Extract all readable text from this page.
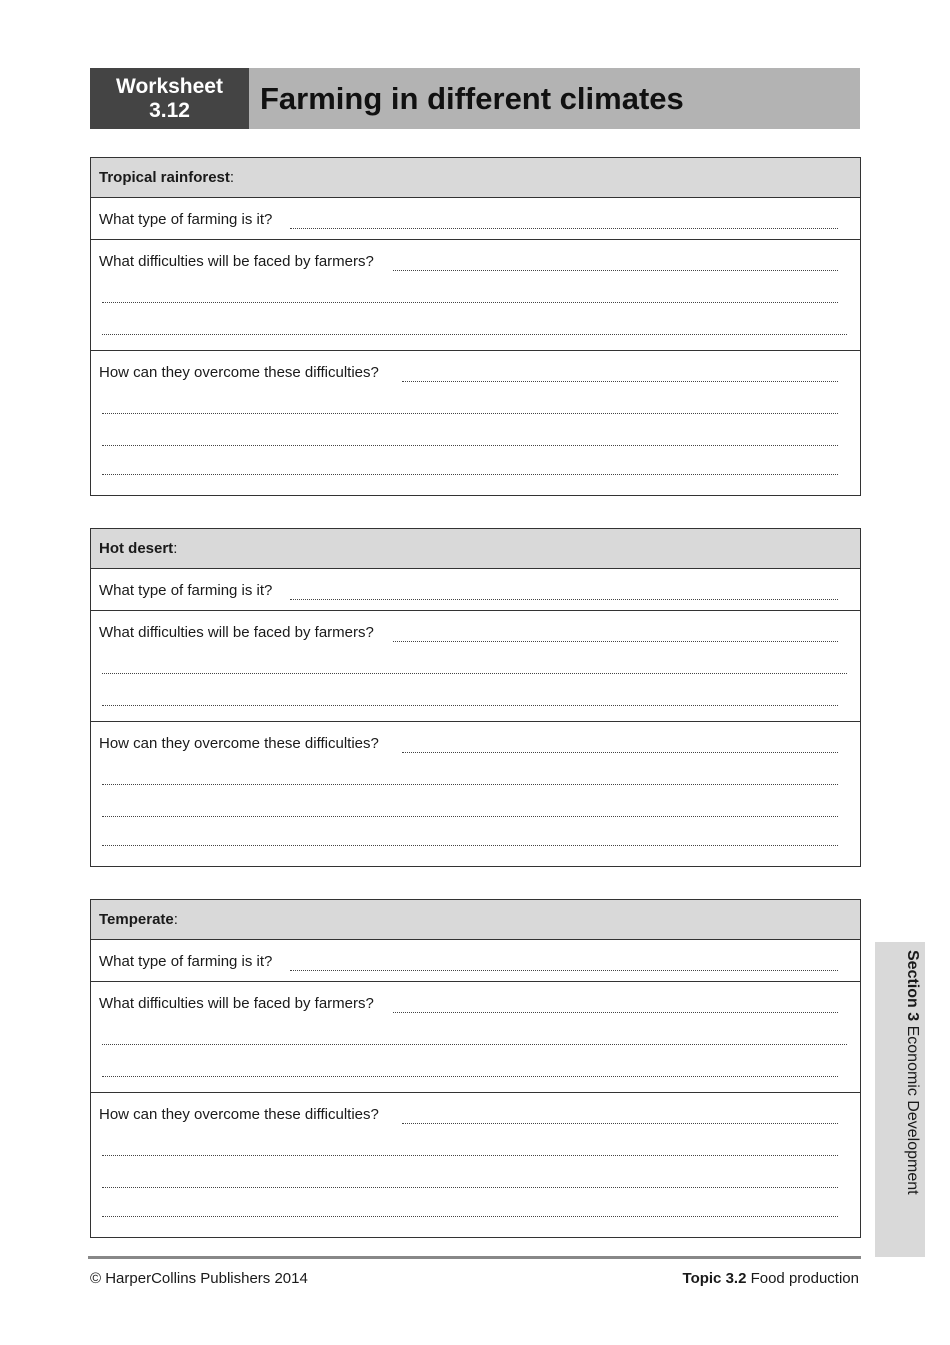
Worksheet
3.12 Farming in different climates
Tropical rainforest :
What type of farming is it?
What difficulties will be faced by farmers?
How can they overcome these difficulties?
Hot desert :
What type of farming is it?
What difficulties will be faced by farmers?
How can they overcome these difficulties?
Temperate :
What type of farming is it?
What difficulties will be faced by farmers?
How can they overcome these difficulties?
Section 3 Economic Development
© HarperCollins Publishers 2014	Topic 3.2 Food production
